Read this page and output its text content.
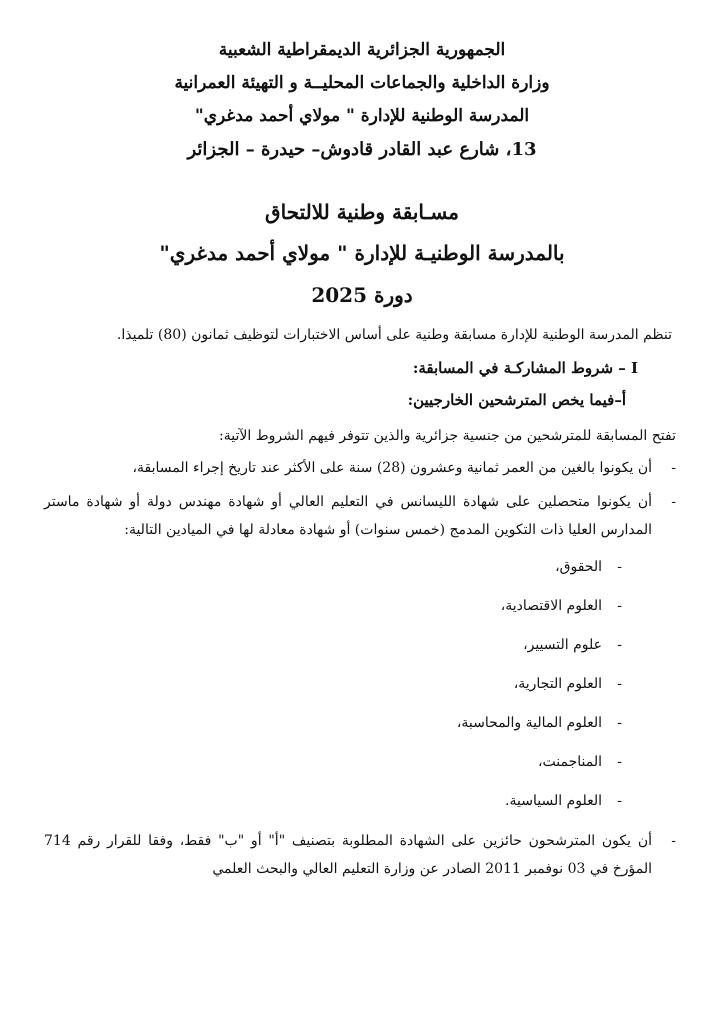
الجمهورية الجزائرية الديمقراطية الشعبية
وزارة الداخلية والجماعات المحليــة و التهيئة العمرانية
المدرسة الوطنية للإدارة " مولاي أحمد مدغري"
13، شارع عبد القادر قادوش– حيدرة – الجزائر
مسـابقة وطنية للالتحاق
بالمدرسة الوطنيـة للإدارة " مولاي أحمد مدغري"
دورة 2025
تنظم المدرسة الوطنية للإدارة مسابقة وطنية على أساس الاختبارات لتوظيف ثمانون (80) تلميذا.
I – شروط المشاركـة في المسابقة:
أ–فيما يخص المترشحين الخارجيين:
تفتح المسابقة للمترشحين من جنسية جزائرية والذين تتوفر فيهم الشروط الآتية:
-
أن يكونوا بالغين من العمر ثمانية وعشرون (28) سنة على الأكثر عند تاريخ إجراء المسابقة،
-
أن يكونوا متحصلين على شهادة الليسانس في التعليم العالي أو شهادة مهندس دولة أو شهادة ماستر المدارس العليا ذات التكوين المدمج (خمس سنوات) أو شهادة معادلة لها في الميادين التالية:
-
الحقوق،
-
العلوم الاقتصادية،
-
علوم التسيير،
-
العلوم التجارية،
-
العلوم المالية والمحاسبة،
-
المناجمنت،
-
العلوم السياسية.
-
أن يكون المترشحون حائزين على الشهادة المطلوبة بتصنيف "أ" أو "ب" فقط، وفقا للقرار رقم 714 المؤرخ في 03 نوفمبر 2011 الصادر عن وزارة التعليم العالي والبحث العلمي
